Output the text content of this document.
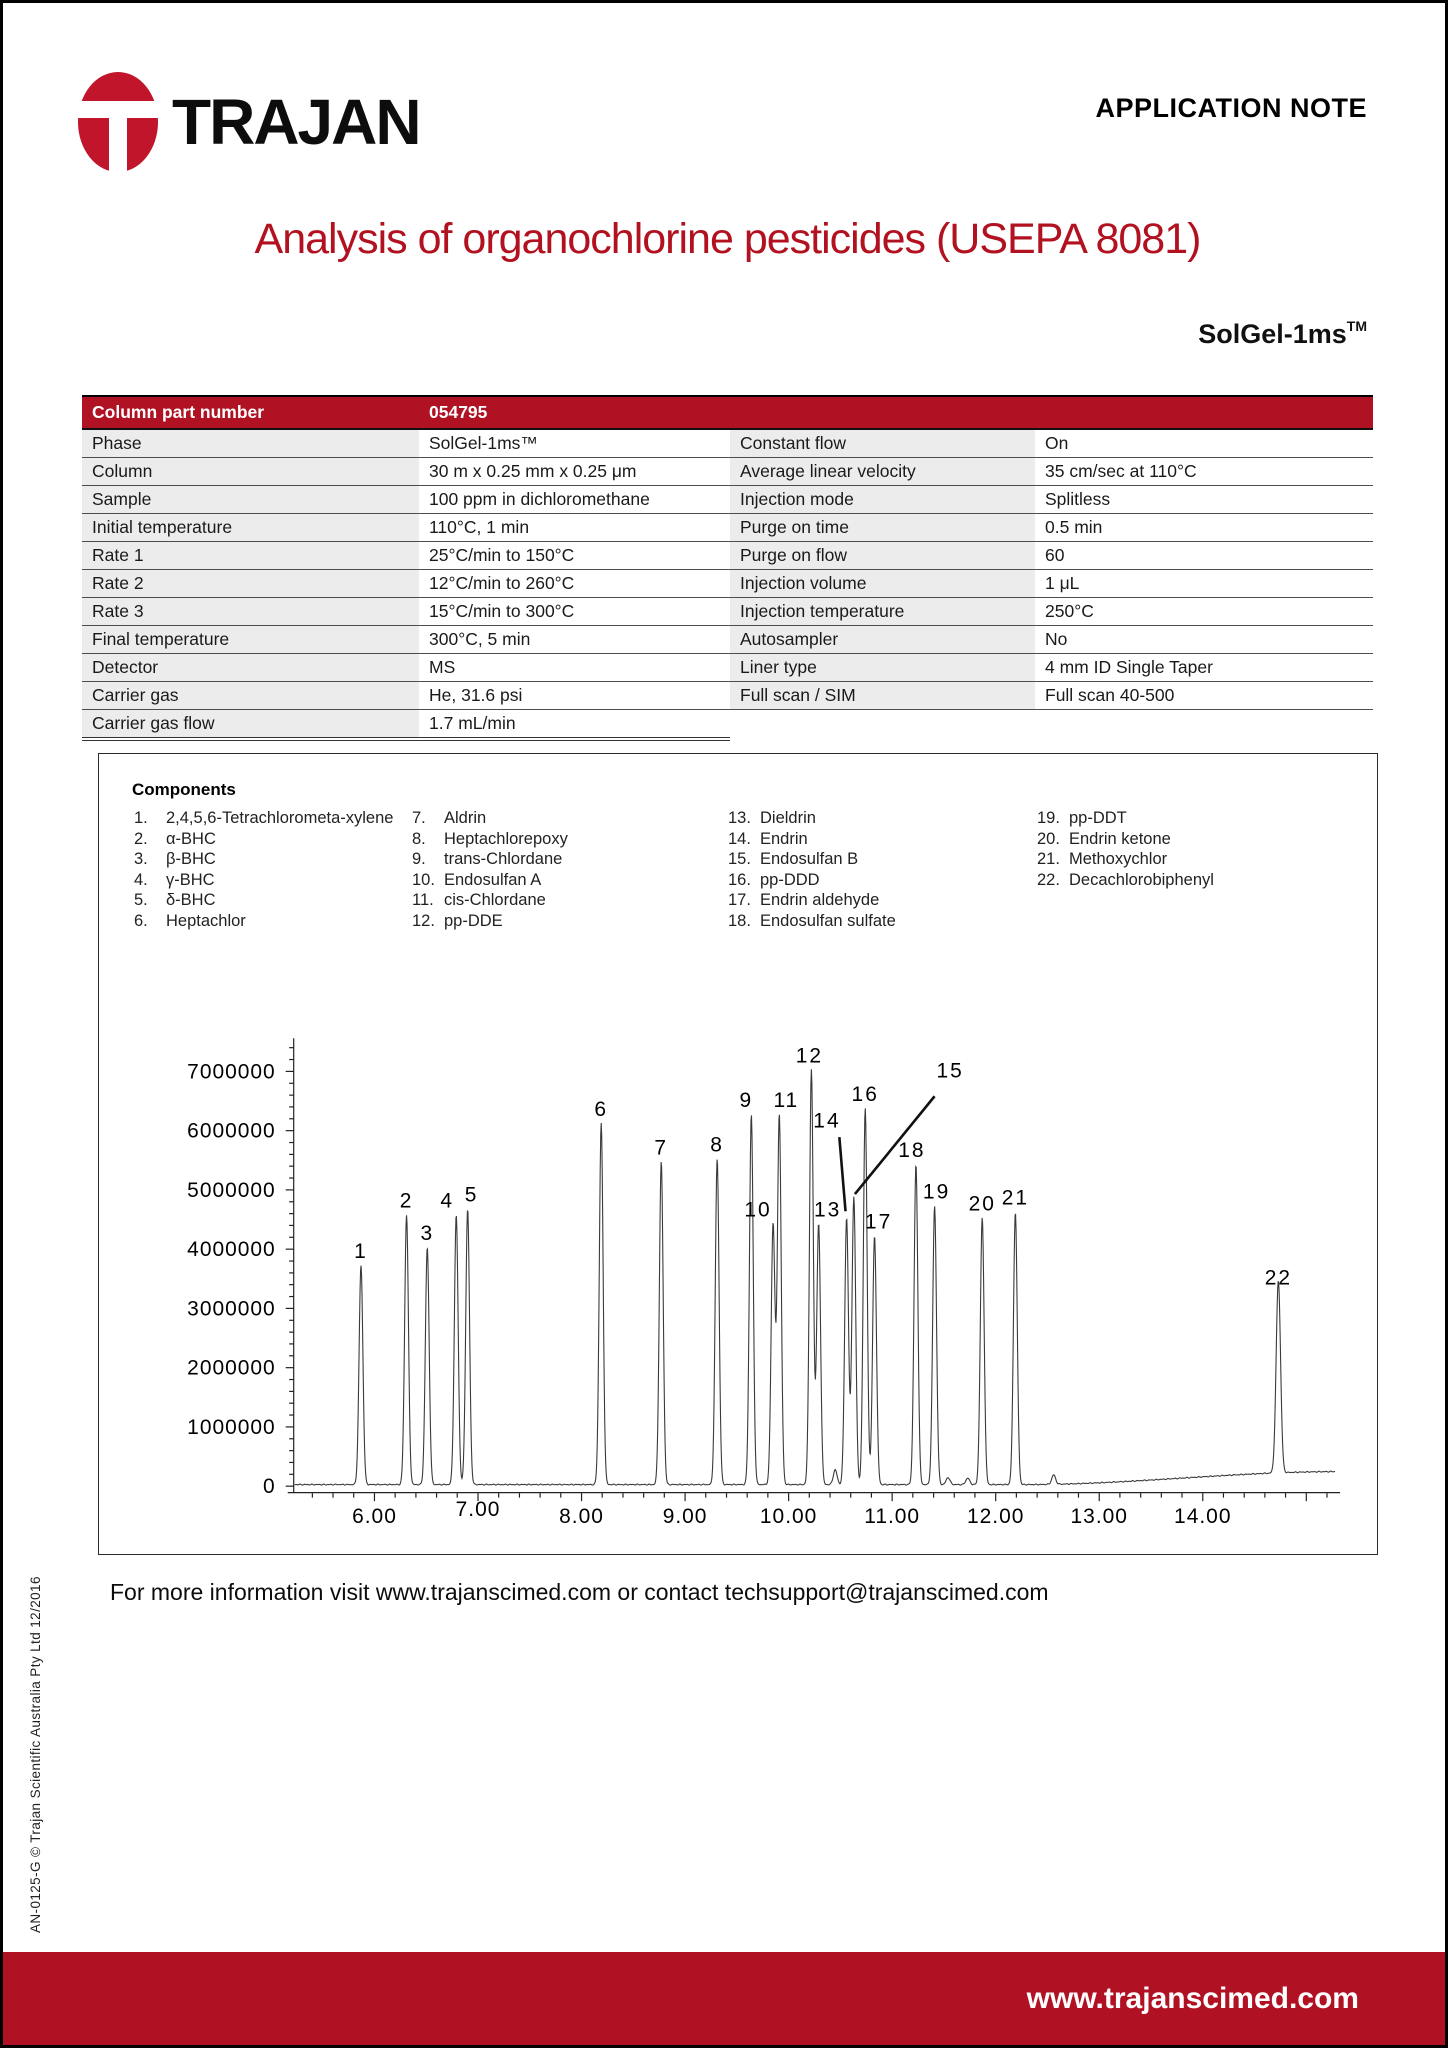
TRAJAN	APPLICATION NOTE
Analysis of organochlorine pesticides (USEPA 8081)
SolGel-1ms™
Column part number	054795		
Phase	SolGel-1ms™	Constant flow	On
Column	30 m x 0.25 mm x 0.25 μm	Average linear velocity	35 cm/sec at 110°C
Sample	100 ppm in dichloromethane	Injection mode	Splitless
Initial temperature	110°C, 1 min	Purge on time	0.5 min
Rate 1	25°C/min to 150°C	Purge on flow	60
Rate 2	12°C/min to 260°C	Injection volume	1 μL
Rate 3	15°C/min to 300°C	Injection temperature	250°C
Final temperature	300°C, 5 min	Autosampler	No
Detector	MS	Liner type	4 mm ID Single Taper
Carrier gas	He, 31.6 psi	Full scan / SIM	Full scan 40-500
Carrier gas flow	1.7 mL/min		
Components
1. 2,4,5,6-Tetrachlorometa-xylene
2. α-BHC
3. β-BHC
4. γ-BHC
5. δ-BHC
6. Heptachlor
7. Aldrin
8. Heptachlorepoxy
9. trans-Chlordane
10. Endosulfan A
11. cis-Chlordane
12. pp-DDE
13. Dieldrin
14. Endrin
15. Endosulfan B
16. pp-DDD
17. Endrin aldehyde
18. Endosulfan sulfate
19. pp-DDT
20. Endrin ketone
21. Methoxychlor
22. Decachlorobiphenyl
0
1000000
2000000
3000000
4000000
5000000
6000000
7000000
6.00	7.00	8.00	9.00 10.00 11.00 12.00 13.00 14.00
1
2
3
4 5
6
7 8
9
10
11
12
13
14
15
16
17
18
19
20 21
22

For more information visit www.trajanscimed.com or contact techsupport@trajanscimed.com

AN-0125-G © Trajan Scientific Australia Pty Ltd 12/2016
www.trajanscimed.com
